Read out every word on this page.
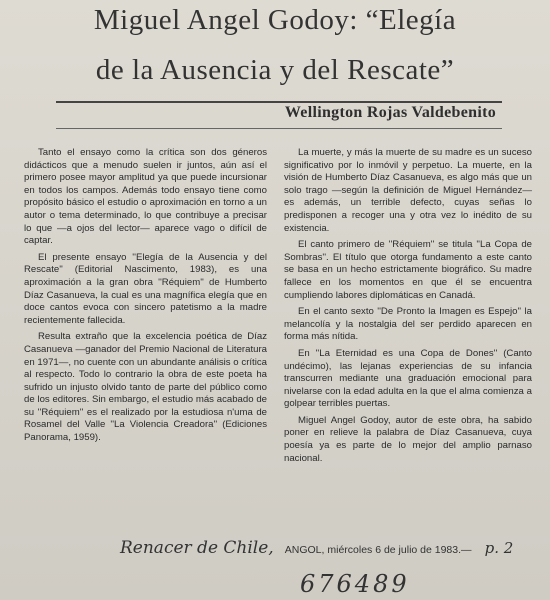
Miguel Angel Godoy: “Elegía
de la Ausencia y del Rescate”
Wellington Rojas Valdebenito

Tanto el ensayo como la crítica son dos géneros didácticos que a menudo suelen ir juntos, aún así el primero posee mayor amplitud ya que puede incursionar en todos los campos. Además todo ensayo tiene como propósito básico el estudio o aproximación en torno a un autor o tema determinado, lo que contribuye a precisar lo que —a ojos del lector— aparece vago o difícil de captar.

El presente ensayo ''Elegía de la Ausencia y del Rescate'' (Editorial Nascimento, 1983), es una aproximación a la gran obra ''Réquiem'' de Humberto Díaz Casanueva, la cual es una magnífica elegía que en doce cantos evoca con sincero patetismo a la madre recientemente fallecida.

Resulta extraño que la excelencia poética de Díaz Casanueva —ganador del Premio Nacional de Literatura en 1971—, no cuente con un abundante análisis o crítica al respecto. Todo lo contrario la obra de este poeta ha sufrido un injusto olvido tanto de parte del público como de los editores. Sin embargo, el estudio más acabado de su ''Réquiem'' es el realizado por la estudiosa n'uma de Rosamel del Valle ''La Violencia Creadora'' (Ediciones Panorama, 1959).

La muerte, y más la muerte de su madre es un suceso significativo por lo inmóvil y perpetuo. La muerte, en la visión de Humberto Díaz Casanueva, es algo más que un solo trago —según la definición de Miguel Hernández— es además, un terrible defecto, cuyas señas lo predisponen a recoger una y otra vez lo inédito de su existencia.

El canto primero de ''Réquiem'' se titula ''La Copa de Sombras''. El título que otorga fundamento a este canto se basa en un hecho estrictamente biográfico. Su madre fallece en los momentos en que él se encuentra cumpliendo labores diplomáticas en Canadá.

En el canto sexto ''De Pronto la Imagen es Espejo'' la melancolía y la nostalgia del ser perdido aparecen en forma más nítida.

En ''La Eternidad es una Copa de Dones'' (Canto undécimo), las lejanas experiencias de su infancia transcurren mediante una graduación emocional para nivelarse con la edad adulta en la que el alma comienza a golpear terribles puertas.

Miguel Angel Godoy, autor de este obra, ha sabido poner en relieve la palabra de Díaz Casanueva, cuya poesía ya es parte de lo mejor del amplio parnaso nacional.

Renacer de Chile, ANGOL, miércoles 6 de julio de 1983.— p. 2
676489
